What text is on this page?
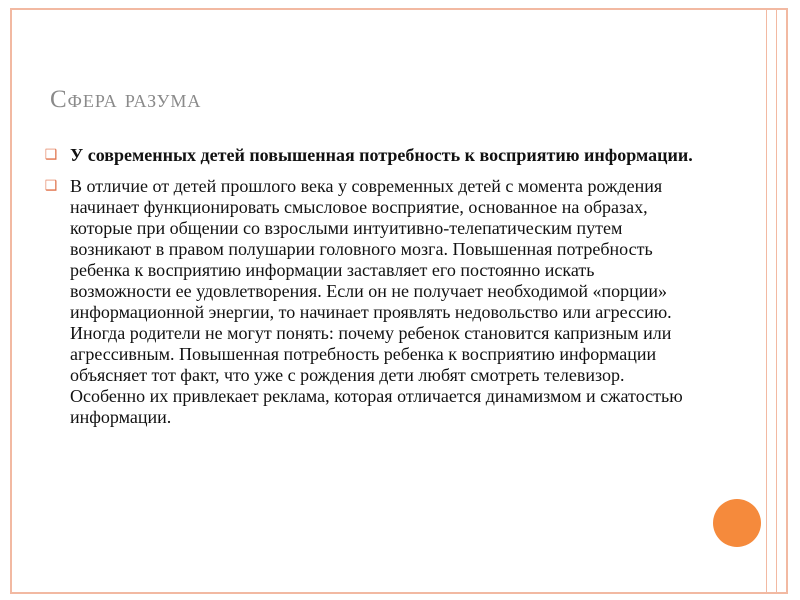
Сфера разума
❑ У современных детей повышенная потребность к восприятию информации.
❑ В отличие от детей прошлого века у современных детей с момента рождения начинает функционировать смысловое восприятие, основанное на образах, которые при общении со взрослыми интуитивно-телепатическим путем возникают в правом полушарии головного мозга. Повышенная потребность ребенка к восприятию информации заставляет его постоянно искать возможности ее удовлетворения. Если он не получает необходимой «порции» информационной энергии, то начинает проявлять недовольство или агрессию. Иногда родители не могут понять: почему ребенок становится капризным или агрессивным. Повышенная потребность ребенка к восприятию информации объясняет тот факт, что уже с рождения дети любят смотреть телевизор. Особенно их привлекает реклама, которая отличается динамизмом и сжатостью информации.
